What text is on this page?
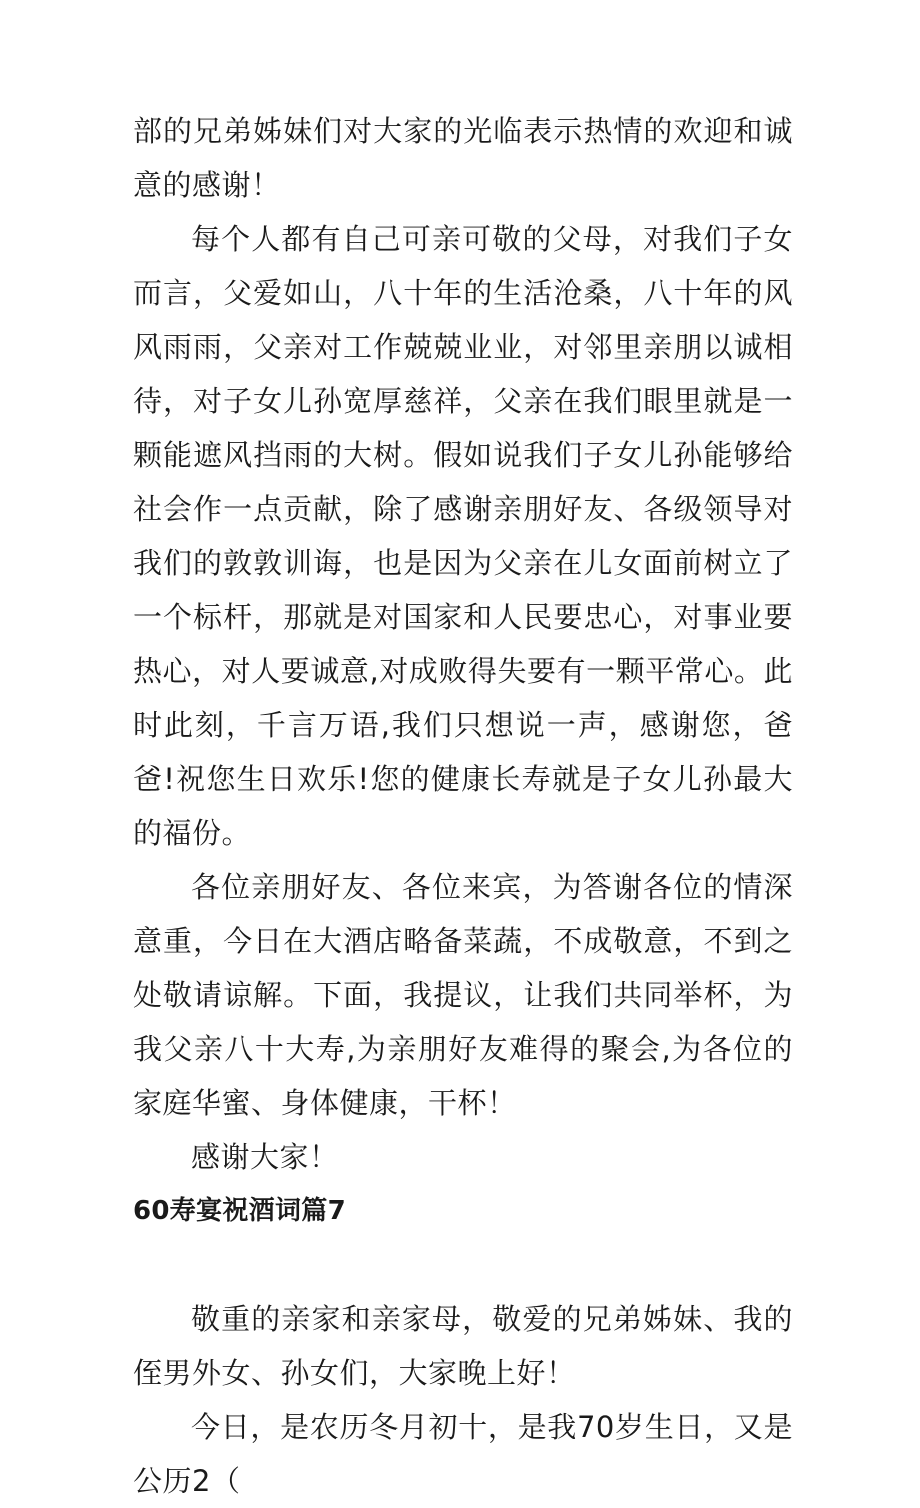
部的兄弟姊妹们对大家的光临表示热情的欢迎和诚意的感谢！

每个人都有自己可亲可敬的父母，对我们子女而言，父爱如山，八十年的生活沧桑，八十年的风风雨雨，父亲对工作兢兢业业，对邻里亲朋以诚相待，对子女儿孙宽厚慈祥，父亲在我们眼里就是一颗能遮风挡雨的大树。假如说我们子女儿孙能够给社会作一点贡献，除了感谢亲朋好友、各级领导对我们的敦敦训诲，也是因为父亲在儿女面前树立了一个标杆，那就是对国家和人民要忠心，对事业要热心，对人要诚意,对成败得失要有一颗平常心。此时此刻，千言万语,我们只想说一声，感谢您，爸爸!祝您生日欢乐!您的健康长寿就是子女儿孙最大的福份。

各位亲朋好友、各位来宾，为答谢各位的情深意重，今日在大酒店略备菜蔬，不成敬意，不到之处敬请谅解。下面，我提议，让我们共同举杯，为我父亲八十大寿,为亲朋好友难得的聚会,为各位的家庭华蜜、身体健康，干杯！

感谢大家！

60寿宴祝酒词篇7

敬重的亲家和亲家母，敬爱的兄弟姊妹、我的侄男外女、孙女们，大家晚上好！

今日，是农历冬月初十，是我70岁生日，又是公历2（
